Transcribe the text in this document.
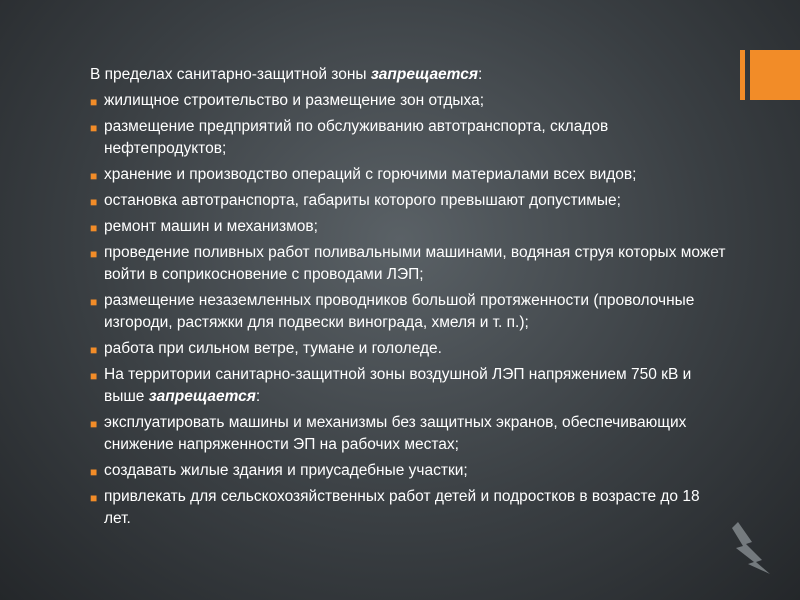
В пределах санитарно-защитной зоны запрещается:

■ жилищное строительство и размещение зон отдыха;
■ размещение предприятий по обслуживанию автотранспорта, складов нефтепродуктов;
■ хранение и производство операций с горючими материалами всех видов;
■ остановка автотранспорта, габариты которого превышают допустимые;
■ ремонт машин и механизмов;
■ проведение поливных работ поливальными машинами, водяная струя которых может войти в соприкосновение с проводами ЛЭП;
■ размещение незаземленных проводников большой протяженности (проволочные изгороди, растяжки для подвески винограда, хмеля и т. п.);
■ работа при сильном ветре, тумане и гололеде.
■ На территории санитарно-защитной зоны воздушной ЛЭП напряжением 750 кВ и выше запрещается:
■ эксплуатировать машины и механизмы без защитных экранов, обеспечивающих снижение напряженности ЭП на рабочих местах;
■ создавать жилые здания и приусадебные участки;
■ привлекать для сельскохозяйственных работ детей и подростков в возрасте до 18 лет.
